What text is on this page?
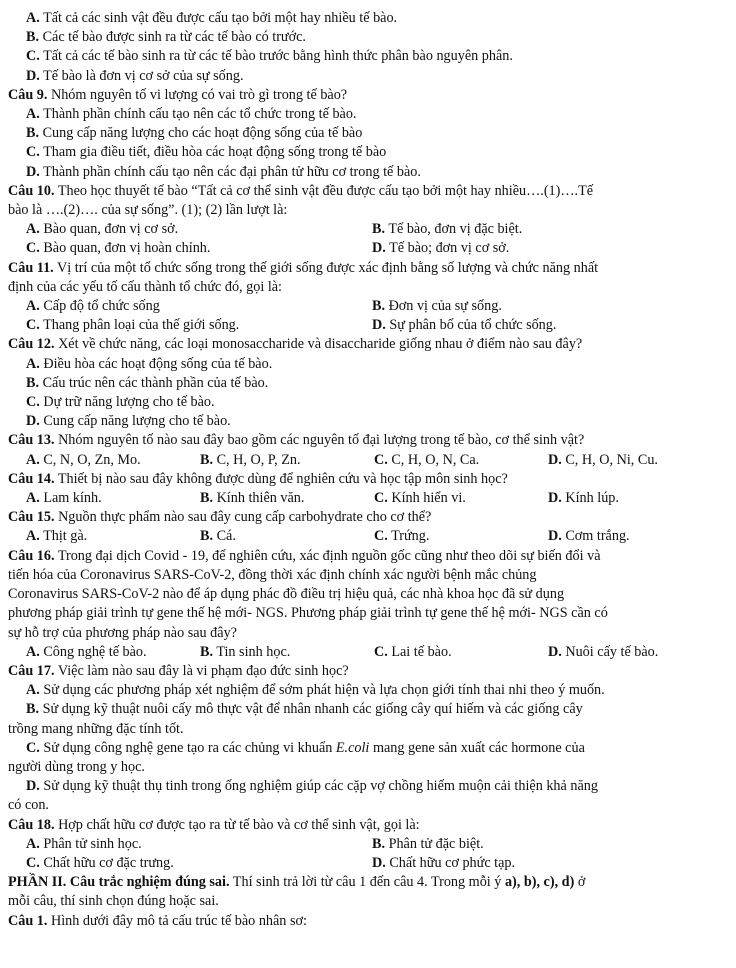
A. Tất cả các sinh vật đều được cấu tạo bởi một hay nhiều tế bào.
B. Các tế bào được sinh ra từ các tế bào có trước.
C. Tất cả các tế bào sinh ra từ các tế bào trước bằng hình thức phân bào nguyên phân.
D. Tế bào là đơn vị cơ sở của sự sống.
Câu 9. Nhóm nguyên tố vi lượng có vai trò gì trong tế bào?
A. Thành phần chính cấu tạo nên các tổ chức trong tế bào.
B. Cung cấp năng lượng cho các hoạt động sống của tế bào
C. Tham gia điều tiết, điều hòa các hoạt động sống trong tế bào
D. Thành phần chính cấu tạo nên các đại phân tử hữu cơ trong tế bào.
Câu 10. Theo học thuyết tế bào “Tất cả cơ thể sinh vật đều được cấu tạo bởi một hay nhiều….(1)….Tế
bào là ….(2)…. của sự sống”. (1); (2) lần lượt là:
A. Bào quan, đơn vị cơ sở.	B. Tế bào, đơn vị đặc biệt.
C. Bào quan, đơn vị hoàn chỉnh.	D. Tế bào; đơn vị cơ sở.
Câu 11. Vị trí của một tổ chức sống trong thế giới sống được xác định bằng số lượng và chức năng nhất
định của các yếu tố cấu thành tổ chức đó, gọi là:
A. Cấp độ tổ chức sống	B. Đơn vị của sự sống.
C. Thang phân loại của thế giới sống.	D. Sự phân bố của tổ chức sống.
Câu 12. Xét về chức năng, các loại monosaccharide và disaccharide giống nhau ở điểm nào sau đây?
A. Điều hòa các hoạt động sống của tế bào.
B. Cấu trúc nên các thành phần của tế bào.
C. Dự trữ năng lượng cho tế bào.
D. Cung cấp năng lượng cho tế bào.
Câu 13. Nhóm nguyên tố nào sau đây bao gồm các nguyên tố đại lượng trong tế bào, cơ thể sinh vật?
A. C, N, O, Zn, Mo.	B. C, H, O, P, Zn.	C. C, H, O, N, Ca.	D. C, H, O, Ni, Cu.
Câu 14. Thiết bị nào sau đây không được dùng để nghiên cứu và học tập môn sinh học?
A. Lam kính.	B. Kính thiên văn.	C. Kính hiển vi.	D. Kính lúp.
Câu 15. Nguồn thực phẩm nào sau đây cung cấp carbohydrate cho cơ thể?
A. Thịt gà.	B. Cá.	C. Trứng.	D. Cơm trắng.
Câu 16. Trong đại dịch Covid - 19, để nghiên cứu, xác định nguồn gốc cũng như theo dõi sự biến đổi và
tiến hóa của Coronavirus SARS-CoV-2, đồng thời xác định chính xác người bệnh mắc chủng
Coronavirus SARS-CoV-2 nào để áp dụng phác đồ điều trị hiệu quả, các nhà khoa học đã sử dụng
phương pháp giải trình tự gene thế hệ mới- NGS. Phương pháp giải trình tự gene thế hệ mới- NGS cần có
sự hỗ trợ của phương pháp nào sau đây?
A. Công nghệ tế bào.	B. Tin sinh học.	C. Lai tế bào.	D. Nuôi cấy tế bào.
Câu 17. Việc làm nào sau đây là vi phạm đạo đức sinh học?
A. Sử dụng các phương pháp xét nghiệm để sớm phát hiện và lựa chọn giới tính thai nhi theo ý muốn.
B. Sử dụng kỹ thuật nuôi cấy mô thực vật để nhân nhanh các giống cây quí hiếm và các giống cây
trồng mang những đặc tính tốt.
C. Sử dụng công nghệ gene tạo ra các chủng vi khuẩn E.coli mang gene sản xuất các hormone của
người dùng trong y học.
D. Sử dụng kỹ thuật thụ tinh trong ống nghiệm giúp các cặp vợ chồng hiếm muộn cải thiện khả năng
có con.
Câu 18. Hợp chất hữu cơ được tạo ra từ tế bào và cơ thể sinh vật, gọi là:
A. Phân tử sinh học.	B. Phân tử đặc biệt.
C. Chất hữu cơ đặc trưng.	D. Chất hữu cơ phức tạp.
PHẦN II. Câu trắc nghiệm đúng sai. Thí sinh trả lời từ câu 1 đến câu 4. Trong mỗi ý a), b), c), d) ở
mỗi câu, thí sinh chọn đúng hoặc sai.
Câu 1. Hình dưới đây mô tả cấu trúc tế bào nhân sơ:
